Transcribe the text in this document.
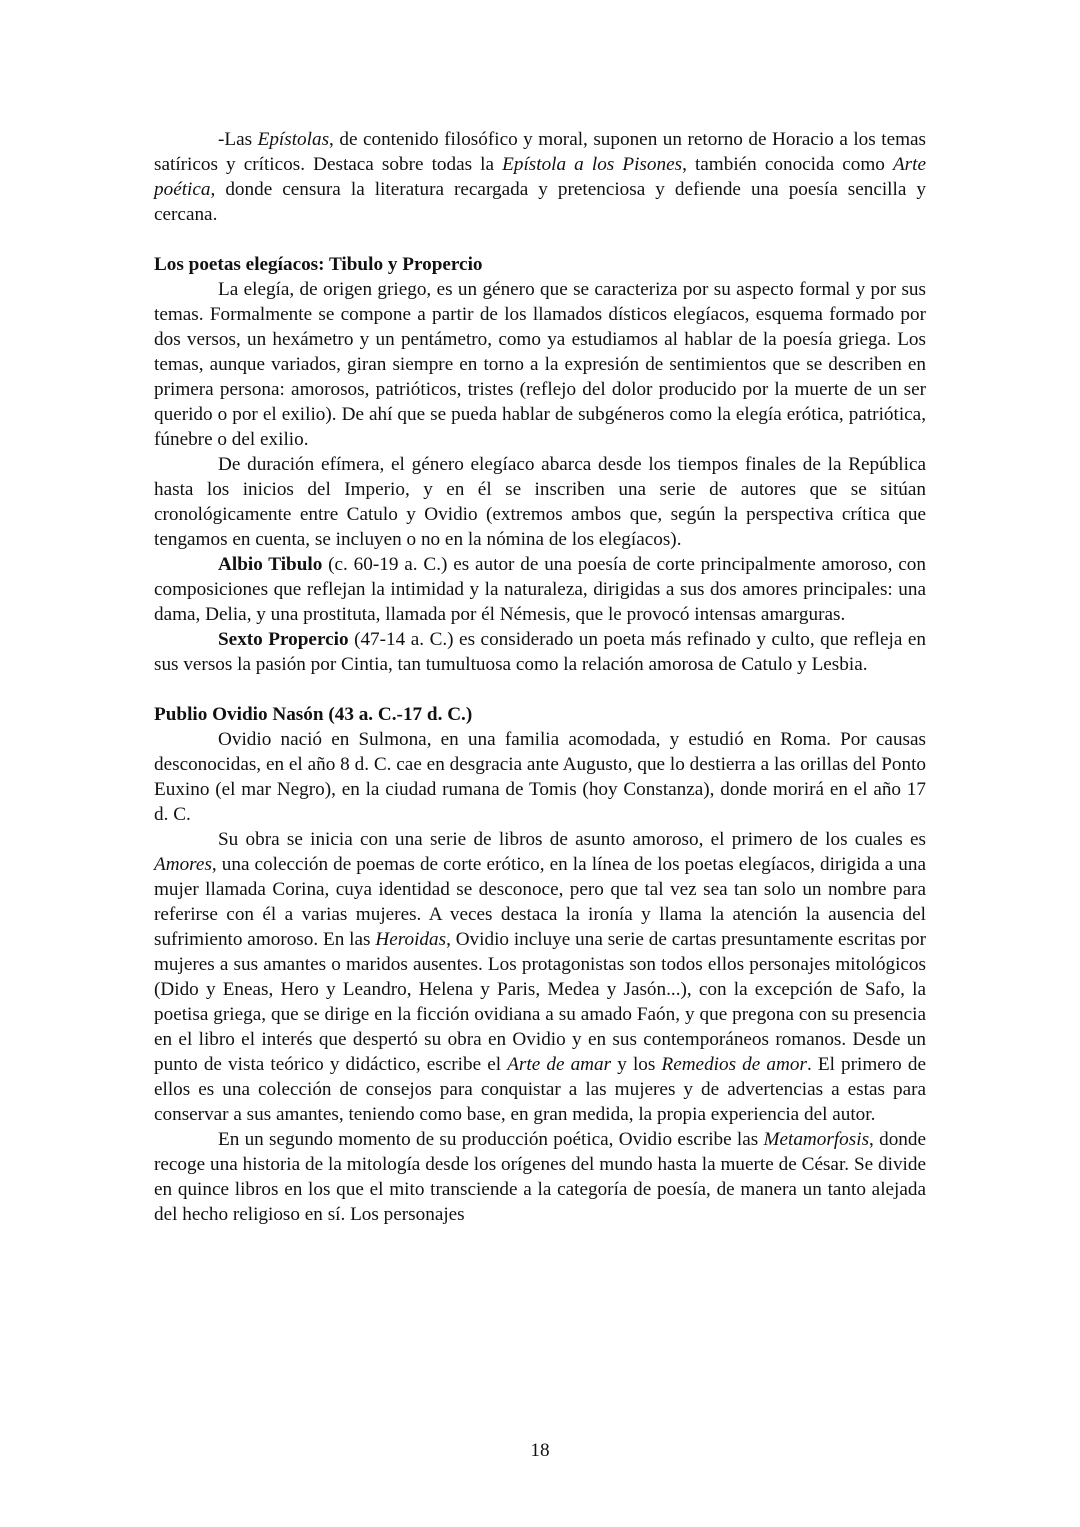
-Las Epístolas, de contenido filosófico y moral, suponen un retorno de Horacio a los temas satíricos y críticos. Destaca sobre todas la Epístola a los Pisones, también conocida como Arte poética, donde censura la literatura recargada y pretenciosa y defiende una poesía sencilla y cercana.

Los poetas elegíacos: Tibulo y Propercio

La elegía, de origen griego, es un género que se caracteriza por su aspecto formal y por sus temas. Formalmente se compone a partir de los llamados dísticos elegíacos, esquema formado por dos versos, un hexámetro y un pentámetro, como ya estudiamos al hablar de la poesía griega. Los temas, aunque variados, giran siempre en torno a la expresión de sentimientos que se describen en primera persona: amorosos, patrióticos, tristes (reflejo del dolor producido por la muerte de un ser querido o por el exilio). De ahí que se pueda hablar de subgéneros como la elegía erótica, patriótica, fúnebre o del exilio.

De duración efímera, el género elegíaco abarca desde los tiempos finales de la República hasta los inicios del Imperio, y en él se inscriben una serie de autores que se sitúan cronológicamente entre Catulo y Ovidio (extremos ambos que, según la perspectiva crítica que tengamos en cuenta, se incluyen o no en la nómina de los elegíacos).

Albio Tibulo (c. 60-19 a. C.) es autor de una poesía de corte principalmente amoroso, con composiciones que reflejan la intimidad y la naturaleza, dirigidas a sus dos amores principales: una dama, Delia, y una prostituta, llamada por él Némesis, que le provocó intensas amarguras.

Sexto Propercio (47-14 a. C.) es considerado un poeta más refinado y culto, que refleja en sus versos la pasión por Cintia, tan tumultuosa como la relación amorosa de Catulo y Lesbia.

Publio Ovidio Nasón (43 a. C.-17 d. C.)

Ovidio nació en Sulmona, en una familia acomodada, y estudió en Roma. Por causas desconocidas, en el año 8 d. C. cae en desgracia ante Augusto, que lo destierra a las orillas del Ponto Euxino (el mar Negro), en la ciudad rumana de Tomis (hoy Constanza), donde morirá en el año 17 d. C.

Su obra se inicia con una serie de libros de asunto amoroso, el primero de los cuales es Amores, una colección de poemas de corte erótico, en la línea de los poetas elegíacos, dirigida a una mujer llamada Corina, cuya identidad se desconoce, pero que tal vez sea tan solo un nombre para referirse con él a varias mujeres. A veces destaca la ironía y llama la atención la ausencia del sufrimiento amoroso. En las Heroidas, Ovidio incluye una serie de cartas presuntamente escritas por mujeres a sus amantes o maridos ausentes. Los protagonistas son todos ellos personajes mitológicos (Dido y Eneas, Hero y Leandro, Helena y Paris, Medea y Jasón...), con la excepción de Safo, la poetisa griega, que se dirige en la ficción ovidiana a su amado Faón, y que pregona con su presencia en el libro el interés que despertó su obra en Ovidio y en sus contemporáneos romanos. Desde un punto de vista teórico y didáctico, escribe el Arte de amar y los Remedios de amor. El primero de ellos es una colección de consejos para conquistar a las mujeres y de advertencias a estas para conservar a sus amantes, teniendo como base, en gran medida, la propia experiencia del autor.

En un segundo momento de su producción poética, Ovidio escribe las Metamorfosis, donde recoge una historia de la mitología desde los orígenes del mundo hasta la muerte de César. Se divide en quince libros en los que el mito transciende a la categoría de poesía, de manera un tanto alejada del hecho religioso en sí. Los personajes

18
